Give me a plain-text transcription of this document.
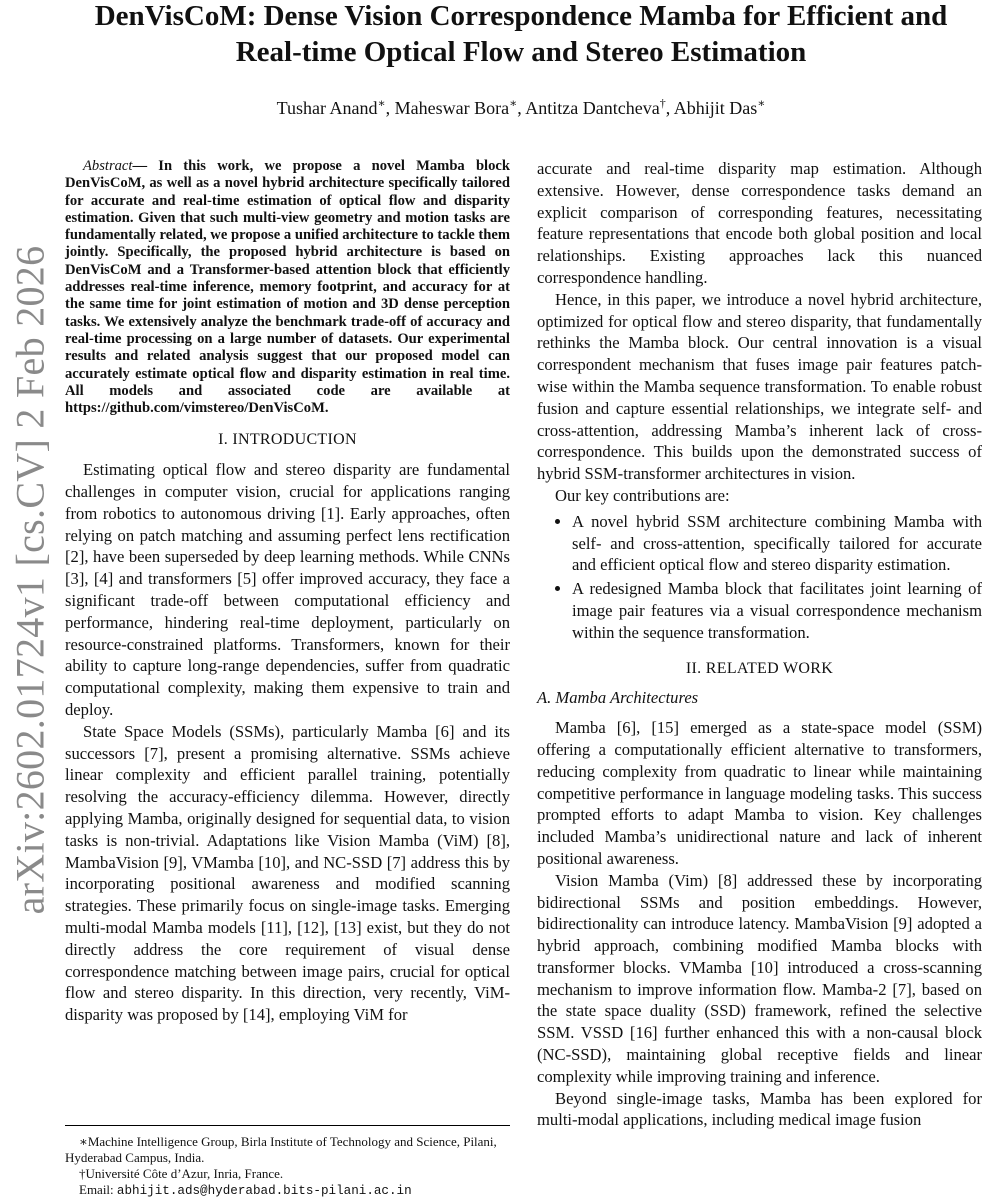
arXiv:2602.01724v1 [cs.CV] 2 Feb 2026
DenVisCoM: Dense Vision Correspondence Mamba for Efficient and
Real-time Optical Flow and Stereo Estimation
Tushar Anand∗, Maheswar Bora∗, Antitza Dantcheva†, Abhijit Das∗

Abstract— In this work, we propose a novel Mamba block DenVisCoM, as well as a novel hybrid architecture specifically tailored for accurate and real-time estimation of optical flow and disparity estimation. Given that such multi-view geometry and motion tasks are fundamentally related, we propose a unified architecture to tackle them jointly. Specifically, the proposed hybrid architecture is based on DenVisCoM and a Transformer-based attention block that efficiently addresses real-time inference, memory footprint, and accuracy for at the same time for joint estimation of motion and 3D dense perception tasks. We extensively analyze the benchmark trade-off of accuracy and real-time processing on a large number of datasets. Our experimental results and related analysis suggest that our proposed model can accurately estimate optical flow and disparity estimation in real time. All models and associated code are available at https://github.com/vimstereo/DenVisCoM.

I. INTRODUCTION

Estimating optical flow and stereo disparity are fundamental challenges in computer vision, crucial for applications ranging from robotics to autonomous driving [1]. Early approaches, often relying on patch matching and assuming perfect lens rectification [2], have been superseded by deep learning methods. While CNNs [3], [4] and transformers [5] offer improved accuracy, they face a significant trade-off between computational efficiency and performance, hindering real-time deployment, particularly on resource-constrained platforms. Transformers, known for their ability to capture long-range dependencies, suffer from quadratic computational complexity, making them expensive to train and deploy.

State Space Models (SSMs), particularly Mamba [6] and its successors [7], present a promising alternative. SSMs achieve linear complexity and efficient parallel training, potentially resolving the accuracy-efficiency dilemma. However, directly applying Mamba, originally designed for sequential data, to vision tasks is non-trivial. Adaptations like Vision Mamba (ViM) [8], MambaVision [9], VMamba [10], and NC-SSD [7] address this by incorporating positional awareness and modified scanning strategies. These primarily focus on single-image tasks. Emerging multi-modal Mamba models [11], [12], [13] exist, but they do not directly address the core requirement of visual dense correspondence matching between image pairs, crucial for optical flow and stereo disparity. In this direction, very recently, ViM-disparity was proposed by [14], employing ViM for

∗Machine Intelligence Group, Birla Institute of Technology and Science, Pilani, Hyderabad Campus, India.

†Université Côte d’Azur, Inria, France.

Email: abhijit.ads@hyderabad.bits-pilani.ac.in

accurate and real-time disparity map estimation. Although extensive. However, dense correspondence tasks demand an explicit comparison of corresponding features, necessitating feature representations that encode both global position and local relationships. Existing approaches lack this nuanced correspondence handling.

Hence, in this paper, we introduce a novel hybrid architecture, optimized for optical flow and stereo disparity, that fundamentally rethinks the Mamba block. Our central innovation is a visual correspondent mechanism that fuses image pair features patch-wise within the Mamba sequence transformation. To enable robust fusion and capture essential relationships, we integrate self- and cross-attention, addressing Mamba’s inherent lack of cross-correspondence. This builds upon the demonstrated success of hybrid SSM-transformer architectures in vision.

Our key contributions are:

• A novel hybrid SSM architecture combining Mamba with self- and cross-attention, specifically tailored for accurate and efficient optical flow and stereo disparity estimation.
• A redesigned Mamba block that facilitates joint learning of image pair features via a visual correspondence mechanism within the sequence transformation.
II. RELATED WORK
A. Mamba Architectures

Mamba [6], [15] emerged as a state-space model (SSM) offering a computationally efficient alternative to transformers, reducing complexity from quadratic to linear while maintaining competitive performance in language modeling tasks. This success prompted efforts to adapt Mamba to vision. Key challenges included Mamba’s unidirectional nature and lack of inherent positional awareness.

Vision Mamba (Vim) [8] addressed these by incorporating bidirectional SSMs and position embeddings. However, bidirectionality can introduce latency. MambaVision [9] adopted a hybrid approach, combining modified Mamba blocks with transformer blocks. VMamba [10] introduced a cross-scanning mechanism to improve information flow. Mamba-2 [7], based on the state space duality (SSD) framework, refined the selective SSM. VSSD [16] further enhanced this with a non-causal block (NC-SSD), maintaining global receptive fields and linear complexity while improving training and inference.

Beyond single-image tasks, Mamba has been explored for multi-modal applications, including medical image fusion
